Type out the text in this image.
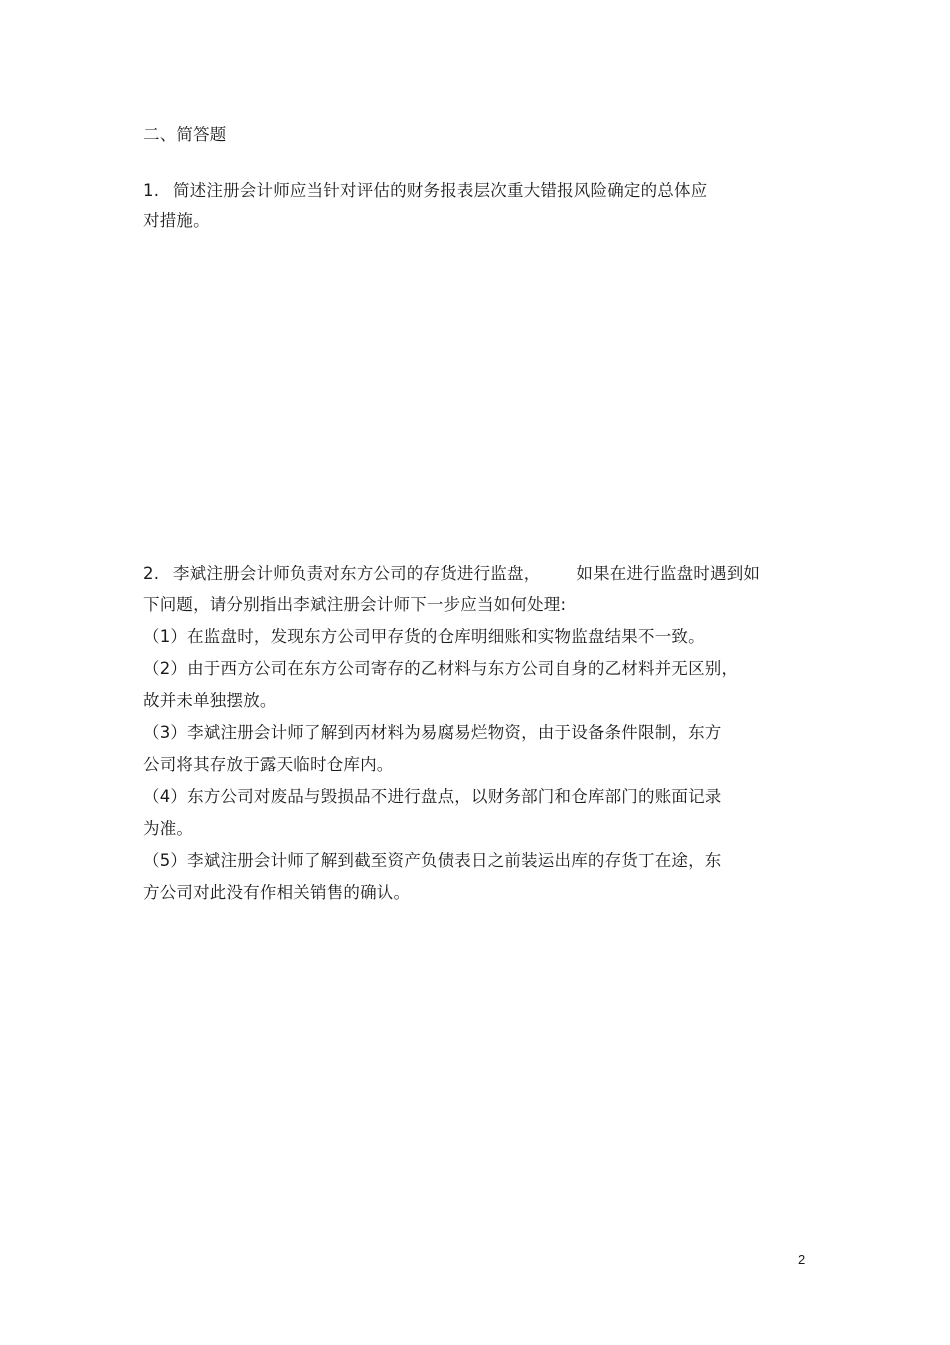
二、简答题
1. 简述注册会计师应当针对评估的财务报表层次重大错报风险确定的总体应
对措施。
2. 李斌注册会计师负责对东方公司的存货进行监盘， 如果在进行监盘时遇到如
下问题，请分别指出李斌注册会计师下一步应当如何处理:
（1）在监盘时，发现东方公司甲存货的仓库明细账和实物监盘结果不一致。
（2）由于西方公司在东方公司寄存的乙材料与东方公司自身的乙材料并无区别，
故并未单独摆放。
（3）李斌注册会计师了解到丙材料为易腐易烂物资，由于设备条件限制，东方
公司将其存放于露天临时仓库内。
（4）东方公司对废品与毁损品不进行盘点，以财务部门和仓库部门的账面记录
为准。
（5）李斌注册会计师了解到截至资产负债表日之前装运出库的存货丁在途，东
方公司对此没有作相关销售的确认。
2
